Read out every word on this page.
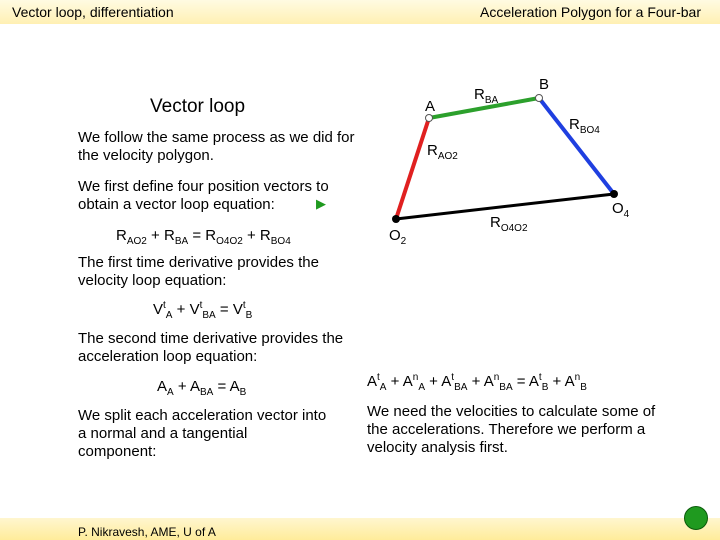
Vector loop, differentiation	Acceleration Polygon for a Four-bar
Vector loop
We follow the same process as we did for the velocity polygon.
We first define four position vectors to obtain a vector loop equation:	▶
$R_{AO2} + R_{BA} = R_{O4O2} + R_{BO4}$
The first time derivative provides the velocity loop equation:
$V^t_A + V^t_{BA} = V^t_B$
The second time derivative provides the acceleration loop equation:
$A_A + A_{BA} = A_B$
$A^t_A + A^n_A + A^t_{BA} + A^n_{BA} = A^t_B + A^n_B$
We split each acceleration vector into a normal and a tangential component:
We need the velocities to calculate some of the accelerations. Therefore we perform a velocity analysis first.
A
B
$R_{BA}$
$R_{BO4}$
$R_{AO2}$
$R_{O4O2}$
$O_2$
$O_4$
P. Nikravesh, AME, U of A
